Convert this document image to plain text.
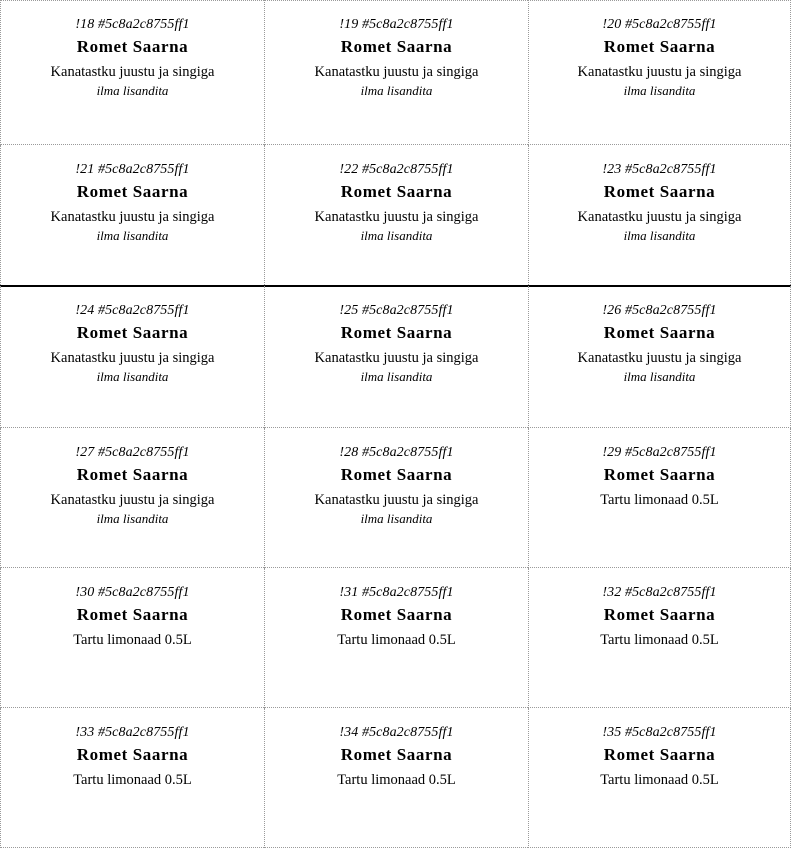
!18 #5c8a2c8755ff1
Romet Saarna
Kanatastku juustu ja singiga
ilma lisandita
!19 #5c8a2c8755ff1
Romet Saarna
Kanatastku juustu ja singiga
ilma lisandita
!20 #5c8a2c8755ff1
Romet Saarna
Kanatastku juustu ja singiga
ilma lisandita
!21 #5c8a2c8755ff1
Romet Saarna
Kanatastku juustu ja singiga
ilma lisandita
!22 #5c8a2c8755ff1
Romet Saarna
Kanatastku juustu ja singiga
ilma lisandita
!23 #5c8a2c8755ff1
Romet Saarna
Kanatastku juustu ja singiga
ilma lisandita
!24 #5c8a2c8755ff1
Romet Saarna
Kanatastku juustu ja singiga
ilma lisandita
!25 #5c8a2c8755ff1
Romet Saarna
Kanatastku juustu ja singiga
ilma lisandita
!26 #5c8a2c8755ff1
Romet Saarna
Kanatastku juustu ja singiga
ilma lisandita
!27 #5c8a2c8755ff1
Romet Saarna
Kanatastku juustu ja singiga
ilma lisandita
!28 #5c8a2c8755ff1
Romet Saarna
Kanatastku juustu ja singiga
ilma lisandita
!29 #5c8a2c8755ff1
Romet Saarna
Tartu limonaad 0.5L
!30 #5c8a2c8755ff1
Romet Saarna
Tartu limonaad 0.5L
!31 #5c8a2c8755ff1
Romet Saarna
Tartu limonaad 0.5L
!32 #5c8a2c8755ff1
Romet Saarna
Tartu limonaad 0.5L
!33 #5c8a2c8755ff1
Romet Saarna
Tartu limonaad 0.5L
!34 #5c8a2c8755ff1
Romet Saarna
Tartu limonaad 0.5L
!35 #5c8a2c8755ff1
Romet Saarna
Tartu limonaad 0.5L
